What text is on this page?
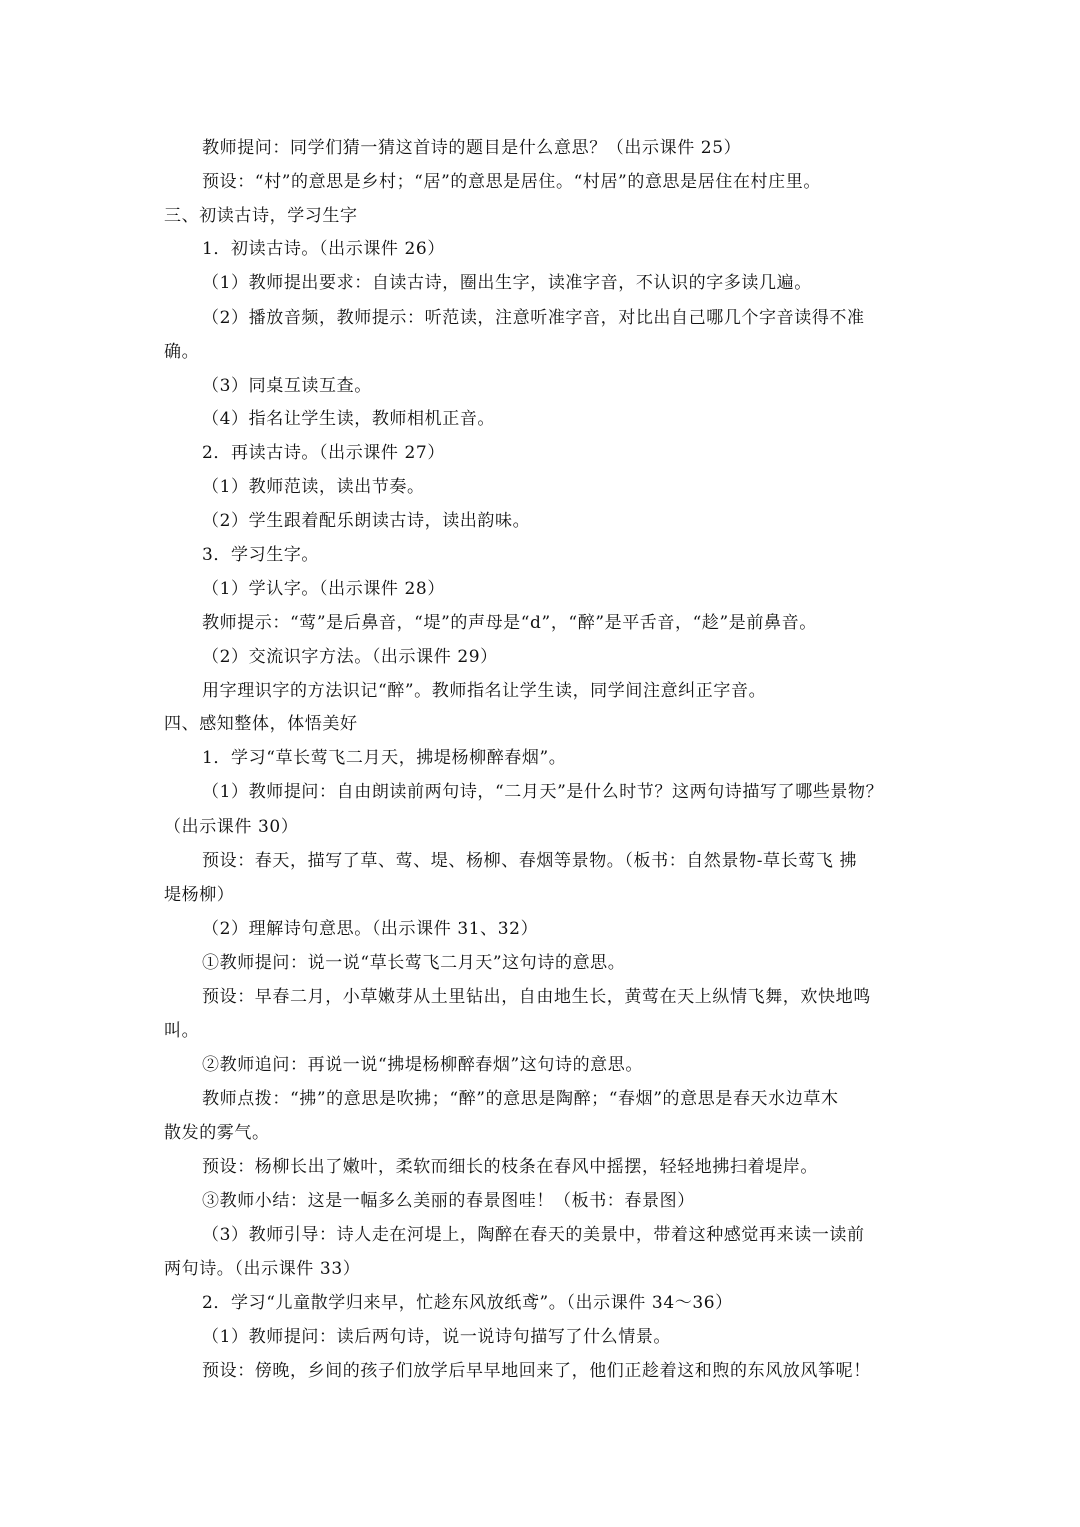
教师提问：同学们猜一猜这首诗的题目是什么意思？（出示课件 25）
预设：“村”的意思是乡村；“居”的意思是居住。“村居”的意思是居住在村庄里。
三、初读古诗，学习生字
1．初读古诗。（出示课件 26）
（1）教师提出要求：自读古诗，圈出生字，读准字音，不认识的字多读几遍。
（2）播放音频，教师提示：听范读，注意听准字音，对比出自己哪几个字音读得不准
确。
（3）同桌互读互查。
（4）指名让学生读，教师相机正音。
2．再读古诗。（出示课件 27）
（1）教师范读，读出节奏。
（2）学生跟着配乐朗读古诗，读出韵味。
3．学习生字。
（1）学认字。（出示课件 28）
教师提示：“莺”是后鼻音，“堤”的声母是“d”，“醉”是平舌音，“趁”是前鼻音。
（2）交流识字方法。（出示课件 29）
用字理识字的方法识记“醉”。教师指名让学生读，同学间注意纠正字音。
四、感知整体，体悟美好
1．学习“草长莺飞二月天，拂堤杨柳醉春烟”。
（1）教师提问：自由朗读前两句诗，“二月天”是什么时节？这两句诗描写了哪些景物？
（出示课件 30）
预设：春天，描写了草、莺、堤、杨柳、春烟等景物。（板书：自然景物-草长莺飞 拂
堤杨柳）
（2）理解诗句意思。（出示课件 31、32）
①教师提问：说一说“草长莺飞二月天”这句诗的意思。
预设：早春二月，小草嫩芽从土里钻出，自由地生长，黄莺在天上纵情飞舞，欢快地鸣
叫。
②教师追问：再说一说“拂堤杨柳醉春烟”这句诗的意思。
教师点拨：“拂”的意思是吹拂；“醉”的意思是陶醉；“春烟”的意思是春天水边草木
散发的雾气。
预设：杨柳长出了嫩叶，柔软而细长的枝条在春风中摇摆，轻轻地拂扫着堤岸。
③教师小结：这是一幅多么美丽的春景图哇！（板书：春景图）
（3）教师引导：诗人走在河堤上，陶醉在春天的美景中，带着这种感觉再来读一读前
两句诗。（出示课件 33）
2．学习“儿童散学归来早，忙趁东风放纸鸢”。（出示课件 34～36）
（1）教师提问：读后两句诗，说一说诗句描写了什么情景。
预设：傍晚，乡间的孩子们放学后早早地回来了，他们正趁着这和煦的东风放风筝呢！
